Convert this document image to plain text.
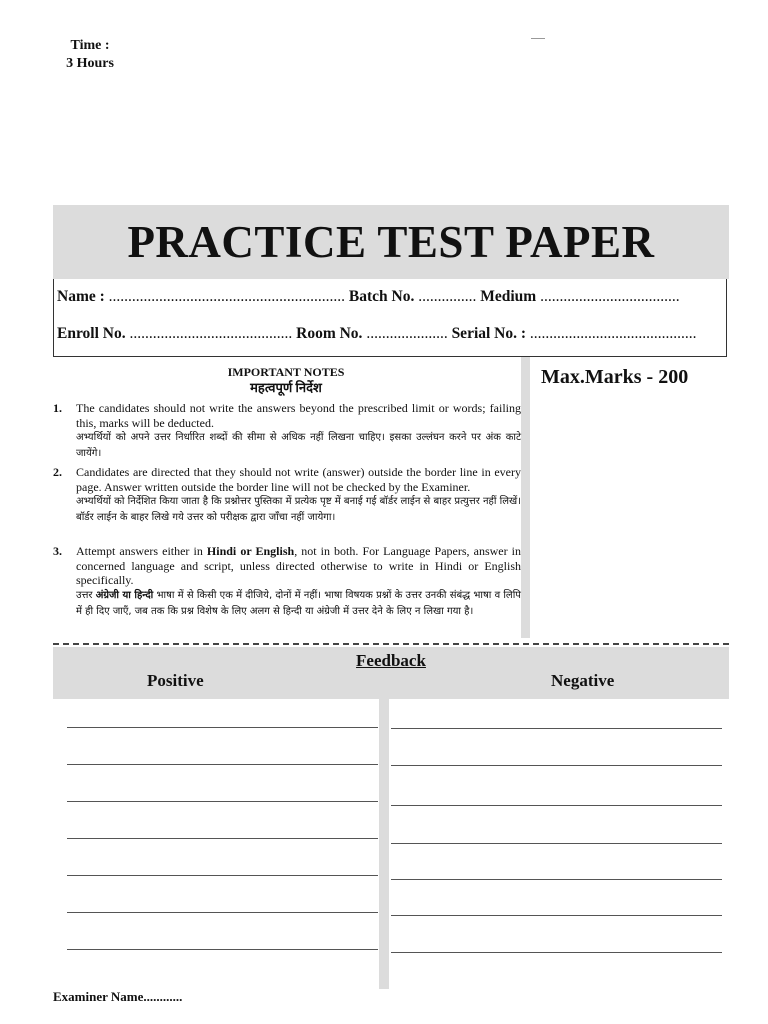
Time :
3 Hours
PRACTICE TEST PAPER
Name : ............................................................. Batch No. ............... Medium ....................................
Enroll No. .......................................... Room No. ..................... Serial No. : ...........................................
IMPORTANT NOTES
महत्वपूर्ण निर्देश	Max.Marks - 200
1. The candidates should not write the answers beyond the prescribed limit or words; failing this, marks will be deducted.
अभ्यर्थियों को अपने उत्तर निर्धारित शब्दों की सीमा से अधिक नहीं लिखना चाहिए। इसका उल्लंघन करने पर अंक काटे जायेंगे।
2. Candidates are directed that they should not write (answer) outside the border line in every page. Answer written outside the border line will not be checked by the Examiner.
अभ्यर्थियों को निर्देशित किया जाता है कि प्रश्नोत्तर पुस्तिका में प्रत्येक पृष्ट में बनाई गई बॉर्डर लाईन से बाहर प्रत्युत्तर नहीं लिखें। बॉर्डर लाईन के बाहर लिखे गये उत्तर को परीक्षक द्वारा जाँचा नहीं जायेगा।
3. Attempt answers either in Hindi or English, not in both. For Language Papers, answer in concerned language and script, unless directed otherwise to write in Hindi or English specifically.
उत्तर अंग्रेजी या हिन्दी भाषा में से किसी एक में दीजिये, दोनों में नहीं। भाषा विषयक प्रश्नों के उत्तर उनकी संबंद्ध भाषा व लिपि में ही दिए जाएँ, जब तक कि प्रश्न विशेष के लिए अलग से हिन्दी या अंग्रेजी में उत्तर देने के लिए न लिखा गया है।
Feedback
Positive	Negative
Examiner Name............
